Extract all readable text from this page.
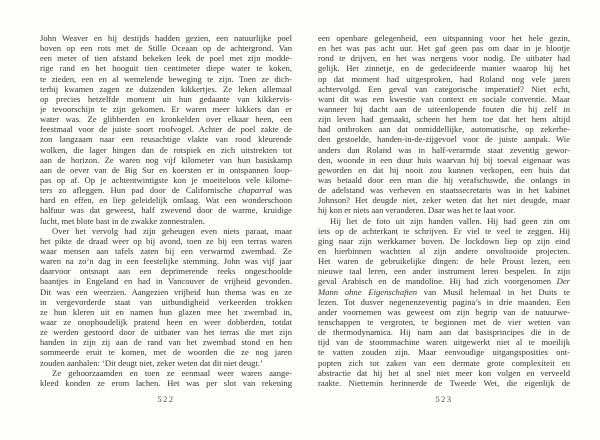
John Weaver en hij destijds hadden gezien, een natuurlijke poel
boven op een rots met de Stille Oceaan op de achtergrond. Van
een meter of tien afstand bekeken leek de poel met zijn modde-
rige rand en het hooguit tien centimeter diepe water te koken,
te zieden, een en al wemelende beweging te zijn. Toen ze dich-
terbij kwamen zagen ze duizenden kikkertjes. Ze leken allemaal
op precies hetzelfde moment uit hun gedaante van kikkervis-
je tevoorschijn te zijn gekomen. Er waren meer kikkers dan er
water was. Ze glibberden en kronkelden over elkaar heen, een
feestmaal voor de juiste soort roofvogel. Achter de poel zakte de
zon langzaam naar een reusachtige vlakte van rood kleurende
wolken, die lager hingen dan de rotspiek en zich uitstrekten tot
aan de horizon. Ze waren nog vijf kilometer van hun basiskamp
aan de oever van de Big Sur en koersten er in ontspannen loop-
pas op af. Op je achtentwintigste kon je moeiteloos vele kilome-
ters zo afleggen. Hun pad door de Californische chaparral was
hard en effen, en liep geleidelijk omlaag. Wat een wonderschoon
halfuur was dat geweest, half zwevend door de warme, kruidige
lucht, met blote bast in de zwakke zonnestralen.
Over het vervolg had zijn geheugen even niets paraat, maar
het pikte de draad weer op bij avond, toen ze bij een terras waren
waar mensen aan tafels zaten bij een verwarmd zwembad. Ze
waren na zo’n dag in een feestelijke stemming. John was vijf jaar
daarvoor ontsnapt aan een deprimerende reeks ongeschoolde
baantjes in Engeland en had in Vancouver de vrijheid gevonden.
Dit was een weerzien. Aangezien vrijheid hun thema was en ze
in vergevorderde staat van uitbundigheid verkeerden trokken
ze hun kleren uit en namen hun glazen mee het zwembad in,
waar ze onophoudelijk pratend heen en weer dobberden, totdat
ze werden gestoord door de uitbater van het terras die met zijn
handen in zijn zij aan de rand van het zwembad stond en hen
sommeerde eruit te komen, met de woorden die ze nog jaren
zouden aanhalen: ‘Dit deugt niet, zeker weten dat dit niet deugt.’
Ze gehoorzaamden en toen ze eenmaal weer waren aange-
kleed konden ze erom lachen. Het was per slot van rekening
522
een openbare gelegenheid, een uitspanning voor het hele gezin,
en het was pas acht uur. Het gaf geen pas om daar in je blootje
rond te drijven, en het was nergens voor nodig. De uitbater had
gelijk. Het zinnetje, en de gedecideerde manier waarop hij het
op dat moment had uitgesproken, had Roland nog vele jaren
achtervolgd. Een geval van categorische imperatief? Niet echt,
want dit was een kwestie van context en sociale conventie. Maar
wanneer hij dacht aan de uiteenlopende fouten die hij zelf in
zijn leven had gemaakt, scheen het hem toe dat het hem altijd
had ontbroken aan dat onmiddellijke, automatische, op zekerhe-
den gestoelde, handen-in-de-zijgevoel voor de juiste aanpak. Wie
anders dan Roland was in half-verarmde staat zeventig gewor-
den, woonde in een duur huis waarvan hij bij toeval eigenaar was
geworden en dat hij nooit zou kunnen verkopen, een huis dat
was betaald door een man die hij verafschuwde, die onlangs in
de adelstand was verheven en staatssecretaris was in het kabinet
Johnson? Het deugde niet, zeker weten dat het niet deugde, maar
hij kon er niets aan veranderen. Daar was het te laat voor.
Hij liet de foto uit zijn handen vallen. Hij had geen zin om
iets op de achterkant te schrijven. Er viel te veel te zeggen. Hij
ging naar zijn werkkamer boven. De lockdown liep op zijn eind
en hierbinnen wachtten al zijn andere onvoltooide projecten.
Het waren de gebruikelijke dingen: de hele Proust lezen, een
nieuwe taal leren, een ander instrument leren bespelen. In zijn
geval Arabisch en de mandoline. Hij had zich voorgenomen Der
Mann ohne Eigenschaften van Musil helemaal in het Duits te
lezen. Tot dusver negenenzeventig pagina’s in drie maanden. Een
ander voornemen was geweest om zijn begrip van de natuurwe-
tenschappen te vergroten, te beginnen met de vier wetten van
de thermodynamica. Hij nam aan dat basisprincipes die in de
tijd van de stoommachine waren uitgewerkt niet al te moeilijk
te vatten zouden zijn. Maar eenvoudige uitgangsposities ont-
popten zich tot zaken van een dermate grote complexiteit en
abstractie dat hij het al snel niet meer kon volgen en verveeld
raakte. Niettemin herinnerde de Tweede Wet, die eigenlijk de
523
